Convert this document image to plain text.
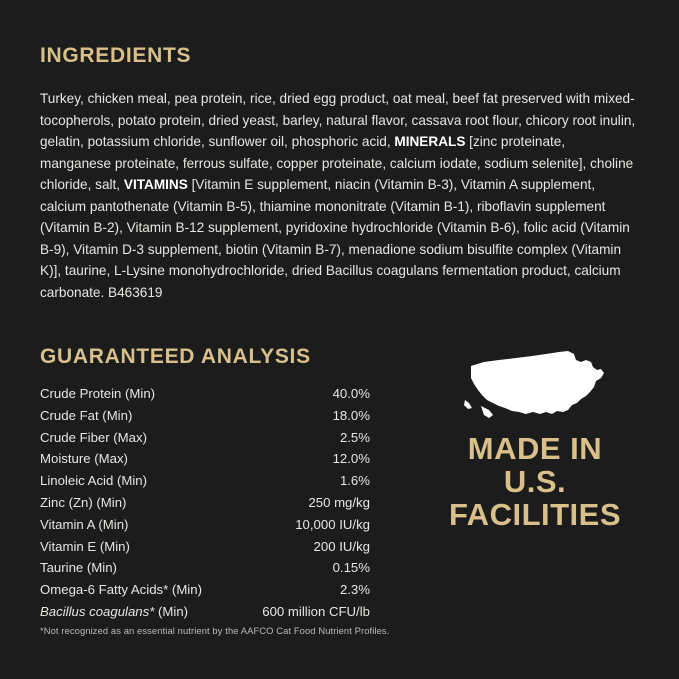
INGREDIENTS

Turkey, chicken meal, pea protein, rice, dried egg product, oat meal, beef fat preserved with mixed-tocopherols, potato protein, dried yeast, barley, natural flavor, cassava root flour, chicory root inulin, gelatin, potassium chloride, sunflower oil, phosphoric acid, MINERALS [zinc proteinate, manganese proteinate, ferrous sulfate, copper proteinate, calcium iodate, sodium selenite], choline chloride, salt, VITAMINS [Vitamin E supplement, niacin (Vitamin B-3), Vitamin A supplement, calcium pantothenate (Vitamin B-5), thiamine mononitrate (Vitamin B-1), riboflavin supplement (Vitamin B-2), Vitamin B-12 supplement, pyridoxine hydrochloride (Vitamin B-6), folic acid (Vitamin B-9), Vitamin D-3 supplement, biotin (Vitamin B-7), menadione sodium bisulfite complex (Vitamin K)], taurine, L-Lysine monohydrochloride, dried Bacillus coagulans fermentation product, calcium carbonate. B463619

GUARANTEED ANALYSIS
Crude Protein (Min)	40.0%
Crude Fat (Min)	18.0%
Crude Fiber (Max)	2.5%
Moisture (Max)	12.0%
Linoleic Acid (Min)	1.6%
Zinc (Zn) (Min)	250 mg/kg
Vitamin A (Min)	10,000 IU/kg
Vitamin E (Min)	200 IU/kg
Taurine (Min)	0.15%
Omega-6 Fatty Acids* (Min)	2.3%
Bacillus coagulans* (Min)	600 million CFU/lb
MADE IN
U.S.
FACILITIES
*Not recognized as an essential nutrient by the AAFCO Cat Food Nutrient Profiles.
